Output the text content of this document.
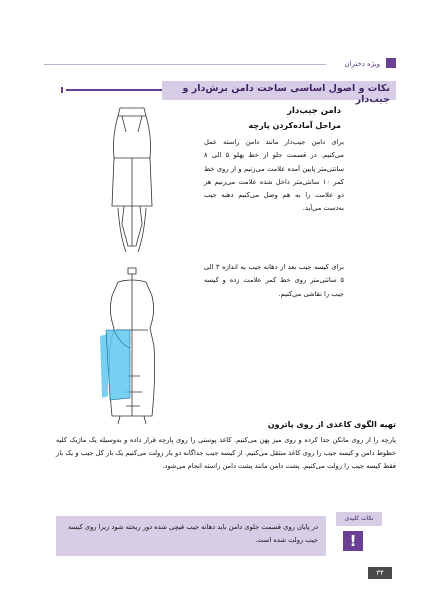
ویژه دختران
نکات و اصول اساسی ساخت دامن برش‌دار و جیب‌دار
دامن جیب‌دار
مراحل آماده‌کردن پارچه
برای دامن جیب‌دار مانند دامن راسته عمل می‌کنیم. در قسمت جلو از خط پهلو ۵ الی ۸ سانتی‌متر پایین آمده علامت می‌زنیم و از روی خط کمر ۱۰ سانتی‌متر داخل شده علامت می‌زنیم هر دو علامت را به هم وصل می‌کنیم دهنه جیب به‌دست می‌آید.
برای کیسه جیب بعد از دهانه جیب به اندازه ۳ الی ۵ سانتی‌متر روی خط کمر علامت زده و کیسه جیب را نقاشی می‌کنیم.
تهیه الگوی کاغذی از روی پاترون
پارچه را از روی مانکن جدا کرده و روی میز پهن می‌کنیم. کاغذ پوستی را روی پارچه قرار داده و به‌وسیله یک ماژیک کلیه خطوط دامن و کیسه جیب را روی کاغذ منتقل می‌کنیم. از کیسه جیب جداگانه دو بار رولت می‌کنیم یک بار کل جیب و یک بار فقط کیسه جیب را رولت می‌کنیم. پشت دامن مانند پشت دامن راسته انجام می‌شود.
در پایان روی قسمت جلوی دامن باید دهانه جیب قیچی شده دور ریخته شود زیرا روی کیسه جیب رولت شده است.
نکات کلیدی
!
۳۴
